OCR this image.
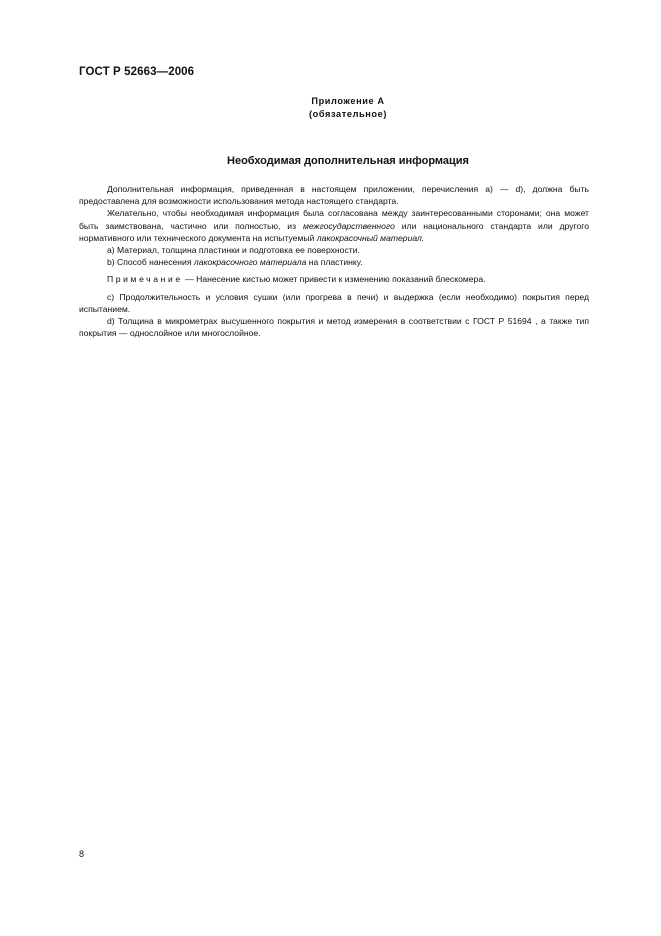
ГОСТ Р 52663—2006
Приложение А
(обязательное)
Необходимая дополнительная информация

Дополнительная информация, приведенная в настоящем приложении, перечисления а) — d), должна быть предоставлена для возможности использования метода настоящего стандарта.

Желательно, чтобы необходимая информация была согласована между заинтересованными сторонами; она может быть заимствована, частично или полностью, из межгосударственного или национального стандарта или другого нормативного или технического документа на испытуемый лакокрасочный материал.

a) Материал, толщина пластинки и подготовка ее поверхности.

b) Способ нанесения лакокрасочного материала на пластинку.

Примечание — Нанесение кистью может привести к изменению показаний блескомера.

c) Продолжительность и условия сушки (или прогрева в печи) и выдержка (если необходимо) покрытия перед испытанием.

d) Толщина в микрометрах высушенного покрытия и метод измерения в соответствии с ГОСТ Р 51694 , а также тип покрытия — однослойное или многослойное.

8
